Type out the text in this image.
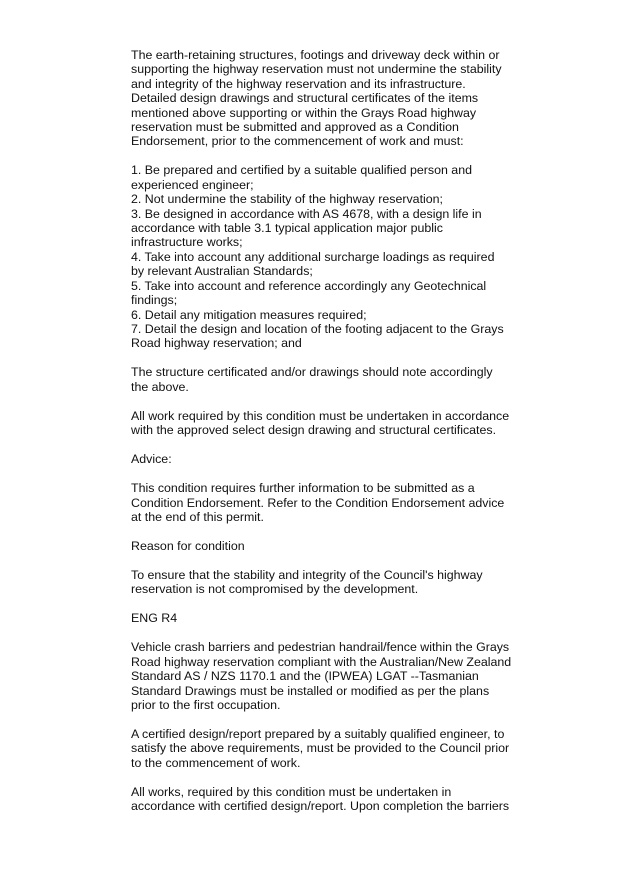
The earth-retaining structures, footings and driveway deck within or
supporting the highway reservation must not undermine the stability
and integrity of the highway reservation and its infrastructure.
Detailed design drawings and structural certificates of the items
mentioned above supporting or within the Grays Road highway
reservation must be submitted and approved as a Condition
Endorsement, prior to the commencement of work and must:

1. Be prepared and certified by a suitable qualified person and
experienced engineer;
2. Not undermine the stability of the highway reservation;
3. Be designed in accordance with AS 4678, with a design life in
accordance with table 3.1 typical application major public
infrastructure works;
4. Take into account any additional surcharge loadings as required
by relevant Australian Standards;
5. Take into account and reference accordingly any Geotechnical
findings;
6. Detail any mitigation measures required;
7. Detail the design and location of the footing adjacent to the Grays
Road highway reservation; and

The structure certificated and/or drawings should note accordingly
the above.

All work required by this condition must be undertaken in accordance
with the approved select design drawing and structural certificates.

Advice:

This condition requires further information to be submitted as a
Condition Endorsement. Refer to the Condition Endorsement advice
at the end of this permit.

Reason for condition

To ensure that the stability and integrity of the Council's highway
reservation is not compromised by the development.

ENG R4

Vehicle crash barriers and pedestrian handrail/fence within the Grays
Road highway reservation compliant with the Australian/New Zealand
Standard AS / NZS 1170.1 and the (IPWEA) LGAT --Tasmanian
Standard Drawings must be installed or modified as per the plans
prior to the first occupation.

A certified design/report prepared by a suitably qualified engineer, to
satisfy the above requirements, must be provided to the Council prior
to the commencement of work.

All works, required by this condition must be undertaken in
accordance with certified design/report. Upon completion the barriers
